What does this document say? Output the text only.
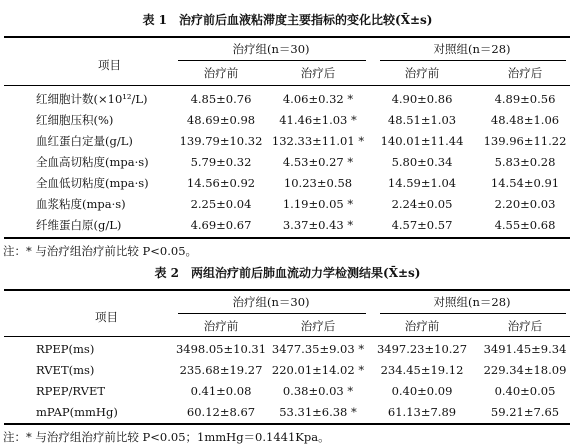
表 1　治疗前后血液粘滞度主要指标的变化比较(X̄±s)
项目
治疗组(n＝30)	对照组(n＝28)
治疗前	治疗后	治疗前	治疗后
红细胞计数(×10¹²/L)	4.85±0.76	4.06±0.32 *	4.90±0.86	4.89±0.56
红细胞压积(%)	48.69±0.98 41.46±1.03 *	48.51±1.03	48.48±1.06
血红蛋白定量(g/L)	139.79±10.32 132.33±11.01 * 140.01±11.44 139.96±11.22
全血高切粘度(mpa·s)	5.79±0.32	4.53±0.27 *	5.80±0.34	5.83±0.28
全血低切粘度(mpa·s)	14.56±0.92	10.23±0.58	14.59±1.04	14.54±0.91
血浆粘度(mpa·s)	2.25±0.04	1.19±0.05 *	2.24±0.05	2.20±0.03
纤维蛋白原(g/L)	4.69±0.67	3.37±0.43 *	4.57±0.57	4.55±0.68
注：* 与治疗组治疗前比较 P<0.05。
表 2　两组治疗前后肺血流动力学检测结果(X̄±s)
项目
治疗组(n＝30)	对照组(n＝28)
治疗前	治疗后	治疗前	治疗后
RPEP(ms)	3498.05±10.31 3477.35±9.03 * 3497.23±10.27 3491.45±9.34
RVET(ms)	235.68±19.27 220.01±14.02 * 234.45±19.12 229.34±18.09
RPEP/RVET	0.41±0.08	0.38±0.03 *	0.40±0.09	0.40±0.05
mPAP(mmHg)	60.12±8.67 53.31±6.38 *	61.13±7.89	59.21±7.65
注：* 与治疗组治疗前比较 P<0.05；1mmHg＝0.1441Kpa。
